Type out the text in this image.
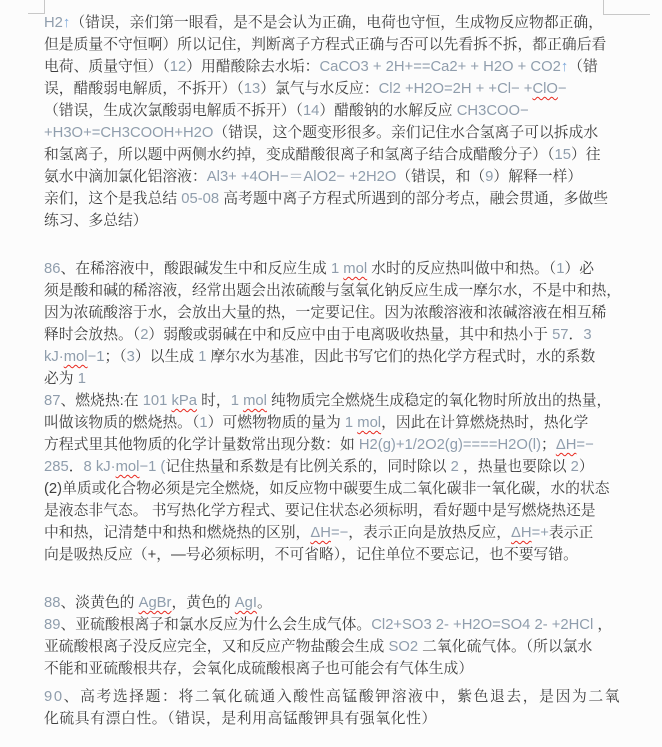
H2↑（错误，亲们第一眼看，是不是会认为正确，电荷也守恒，生成物反应物都正确，
但是质量不守恒啊）所以记住，判断离子方程式正确与否可以先看拆不拆，都正确后看
电荷、质量守恒）（12）用醋酸除去水垢：CaCO3 + 2H+==Ca2+ + H2O + CO2↑（错
误，醋酸弱电解质，不拆开）（13）氯气与水反应：Cl2 +H2O=2H + +Cl− +ClO−
（错误，生成次氯酸弱电解质不拆开）（14）醋酸钠的水解反应 CH3COO−
+H3O+=CH3COOH+H2O（错误，这个题变形很多。亲们记住水合氢离子可以拆成水
和氢离子，所以题中两侧水约掉，变成醋酸很离子和氢离子结合成醋酸分子）（15）往
氨水中滴加氯化铝溶液：Al3+ +4OH−＝AlO2− +2H2O（错误，和（9）解释一样）
亲们，这个是我总结 05-08 高考题中离子方程式所遇到的部分考点，融会贯通，多做些
练习、多总结）
86、在稀溶液中，酸跟碱发生中和反应生成 1 mol 水时的反应热叫做中和热。（1）必
须是酸和碱的稀溶液，经常出题会出浓硫酸与氢氧化钠反应生成一摩尔水，不是中和热，
因为浓硫酸溶于水，会放出大量的热，一定要记住。因为浓酸溶液和浓碱溶液在相互稀
释时会放热。（2）弱酸或弱碱在中和反应中由于电离吸收热量，其中和热小于 57．3
kJ·mol−1；（3）以生成 1 摩尔水为基准，因此书写它们的热化学方程式时，水的系数
必为 1
87、燃烧热:在 101 kPa 时，1 mol 纯物质完全燃烧生成稳定的氧化物时所放出的热量，
叫做该物质的燃烧热。（1）可燃物物质的量为 1 mol，因此在计算燃烧热时，热化学
方程式里其他物质的化学计量数常出现分数：如 H2(g)+1/2O2(g)====H2O(l)；ΔH=−
285．8 kJ·mol−1 (记住热量和系数是有比例关系的，同时除以 2 ，热量也要除以 2）
(2)单质或化合物必须是完全燃烧，如反应物中碳要生成二氧化碳非一氧化碳，水的状态
是液态非气态。 书写热化学方程式、要记住状态必须标明，看好题中是写燃烧热还是
中和热，记清楚中和热和燃烧热的区别，ΔH=−，表示正向是放热反应，ΔH=+表示正
向是吸热反应（+，—号必须标明，不可省略），记住单位不要忘记，也不要写错。
88、淡黄色的 AgBr，黄色的 AgI。
89、亚硫酸根离子和氯水反应为什么会生成气体。Cl2+SO3 2- +H2O=SO4 2- +2HCl ，
亚硫酸根离子没反应完全，又和反应产物盐酸会生成 SO2 二氧化硫气体。（所以氯水
不能和亚硫酸根共存，会氧化成硫酸根离子也可能会有气体生成）
90、高考选择题：将二氧化硫通入酸性高锰酸钾溶液中，紫色退去，是因为二氧
化硫具有漂白性。（错误，是利用高锰酸钾具有强氧化性）
